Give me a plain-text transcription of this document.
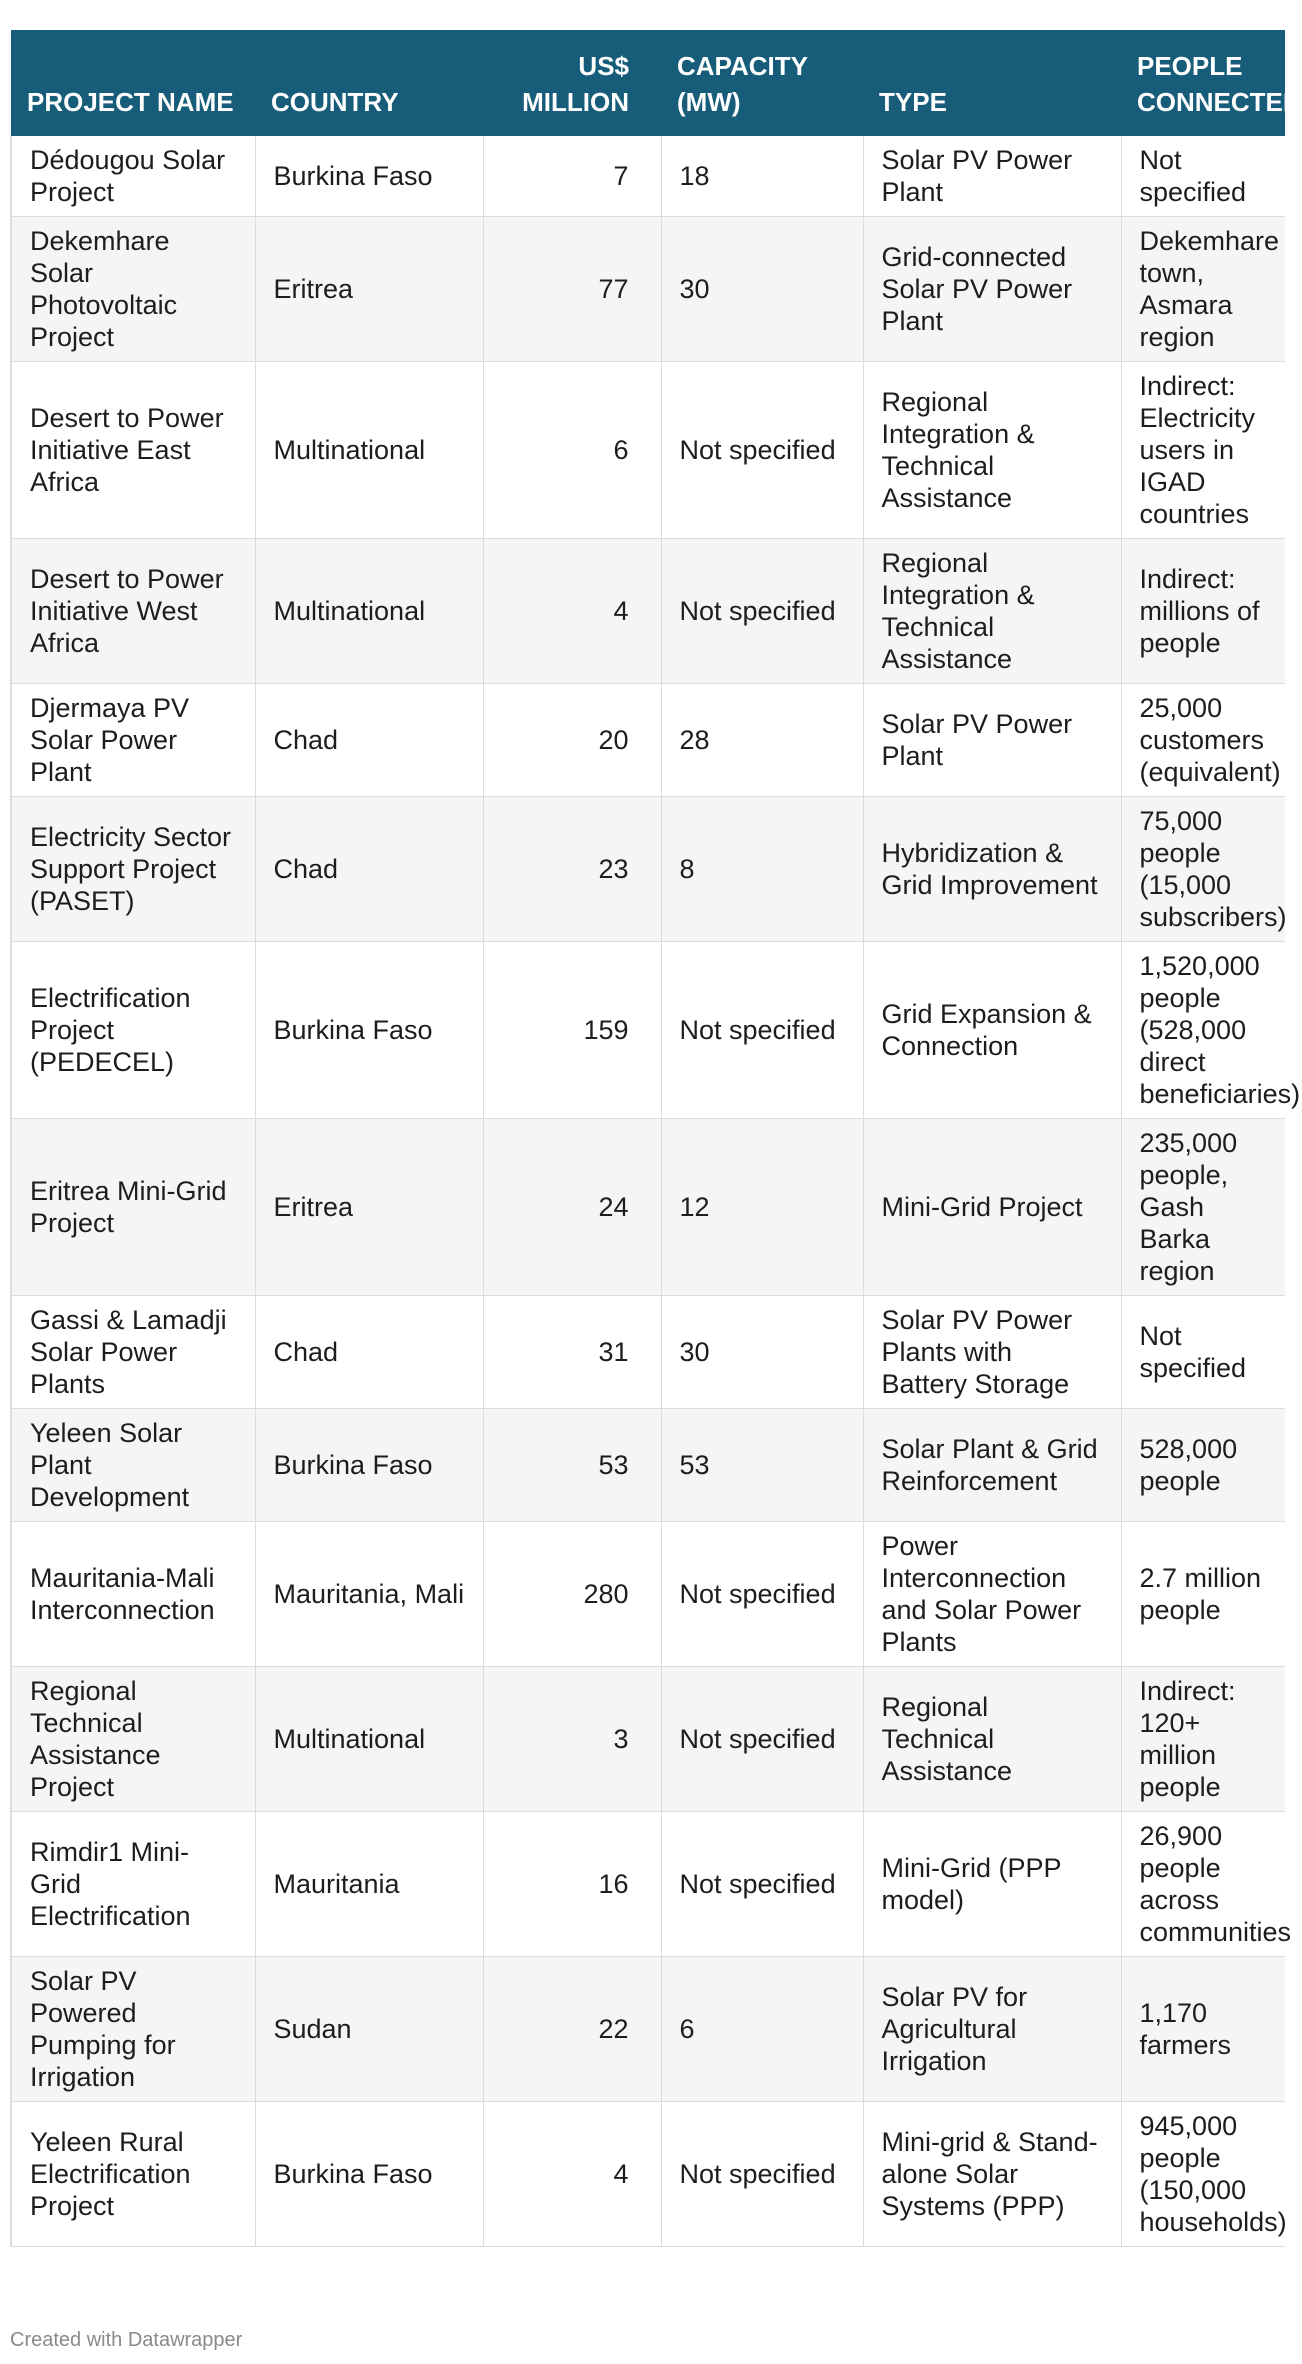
PROJECT NAME	COUNTRY	US$ MILLION	CAPACITY (MW)	TYPE	PEOPLE CONNECTED
Dédougou Solar Project	Burkina Faso	7	18	Solar PV Power Plant	Not specified
Dekemhare Solar Photovoltaic Project	Eritrea	77	30	Grid-connected Solar PV Power Plant	Dekemhare town, Asmara region
Desert to Power Initiative East Africa	Multinational	6	Not specified	Regional Integration & Technical Assistance	Indirect: Electricity users in IGAD countries
Desert to Power Initiative West Africa	Multinational	4	Not specified	Regional Integration & Technical Assistance	Indirect: millions of people
Djermaya PV Solar Power Plant	Chad	20	28	Solar PV Power Plant	25,000 customers (equivalent)
Electricity Sector Support Project (PASET)	Chad	23	8	Hybridization & Grid Improvement	75,000 people (15,000 subscribers)
Electrification Project (PEDECEL)	Burkina Faso	159	Not specified	Grid Expansion & Connection	1,520,000 people (528,000 direct beneficiaries)
Eritrea Mini-Grid Project	Eritrea	24	12	Mini-Grid Project	235,000 people, Gash Barka region
Gassi & Lamadji Solar Power Plants	Chad	31	30	Solar PV Power Plants with Battery Storage	Not specified
Yeleen Solar Plant Development	Burkina Faso	53	53	Solar Plant & Grid Reinforcement	528,000 people
Mauritania-Mali Interconnection	Mauritania, Mali	280	Not specified	Power Interconnection and Solar Power Plants	2.7 million people
Regional Technical Assistance Project	Multinational	3	Not specified	Regional Technical Assistance	Indirect: 120+ million people
Rimdir1 Mini-Grid Electrification	Mauritania	16	Not specified	Mini-Grid (PPP model)	26,900 people across communities
Solar PV Powered Pumping for Irrigation	Sudan	22	6	Solar PV for Agricultural Irrigation	1,170 farmers
Yeleen Rural Electrification Project	Burkina Faso	4	Not specified	Mini-grid & Stand-alone Solar Systems (PPP)	945,000 people (150,000 households)
Created with Datawrapper
